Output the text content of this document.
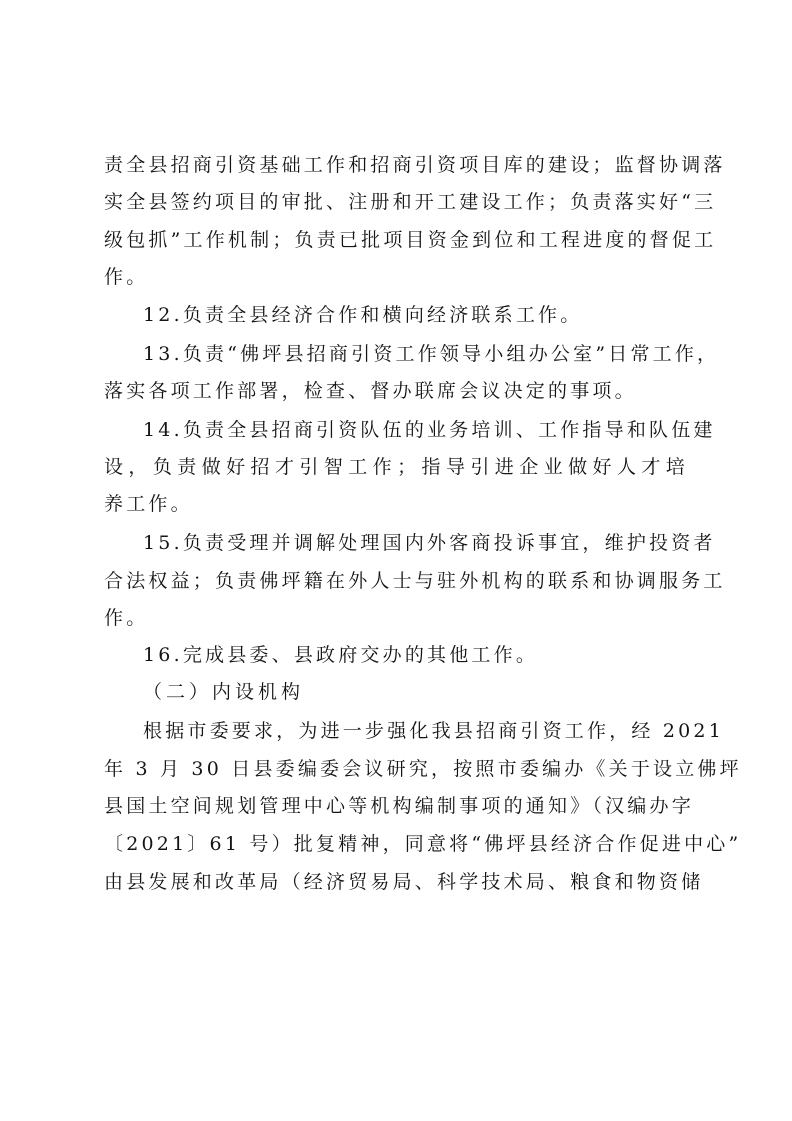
责全县招商引资基础工作和招商引资项目库的建设；监督协调落
实全县签约项目的审批、注册和开工建设工作；负责落实好“三
级包抓”工作机制；负责已批项目资金到位和工程进度的督促工
作。
12.负责全县经济合作和横向经济联系工作。
13.负责“佛坪县招商引资工作领导小组办公室”日常工作，
落实各项工作部署，检查、督办联席会议决定的事项。
14.负责全县招商引资队伍的业务培训、工作指导和队伍建
设，负责做好招才引智工作；指导引进企业做好人才培
养工作。
15.负责受理并调解处理国内外客商投诉事宜，维护投资者
合法权益；负责佛坪籍在外人士与驻外机构的联系和协调服务工
作。
16.完成县委、县政府交办的其他工作。
（二）内设机构
根据市委要求，为进一步强化我县招商引资工作，经 2021
年 3 月 30 日县委编委会议研究，按照市委编办《关于设立佛坪
县国土空间规划管理中心等机构编制事项的通知》（汉编办字
〔2021〕61 号）批复精神，同意将“佛坪县经济合作促进中心”
由县发展和改革局（经济贸易局、科学技术局、粮食和物资储
